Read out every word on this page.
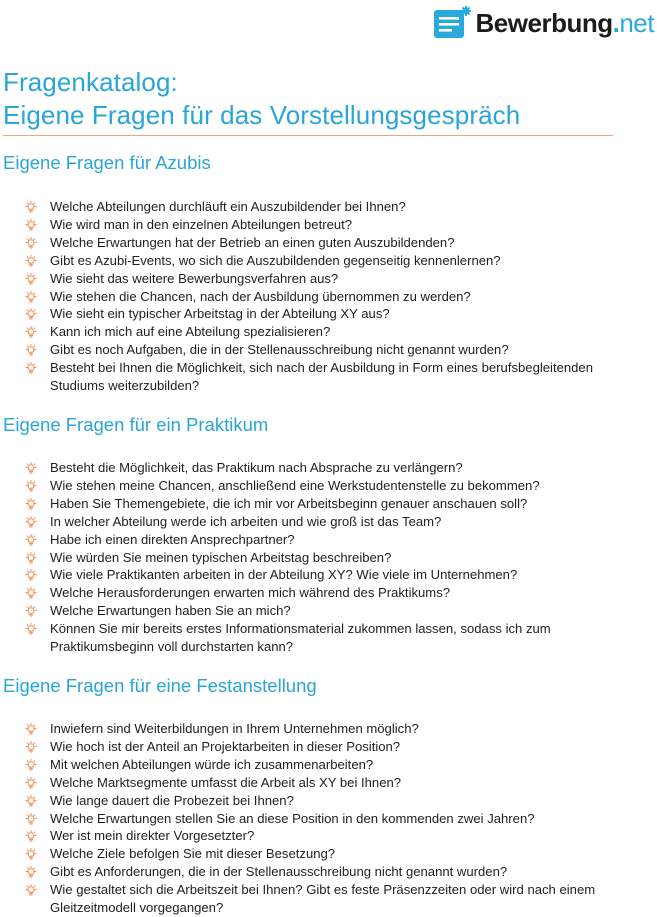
Bewerbung.net
Fragenkatalog:
Eigene Fragen für das Vorstellungsgespräch
Eigene Fragen für Azubis
Welche Abteilungen durchläuft ein Auszubildender bei Ihnen?
Wie wird man in den einzelnen Abteilungen betreut?
Welche Erwartungen hat der Betrieb an einen guten Auszubildenden?
Gibt es Azubi-Events, wo sich die Auszubildenden gegenseitig kennenlernen?
Wie sieht das weitere Bewerbungsverfahren aus?
Wie stehen die Chancen, nach der Ausbildung übernommen zu werden?
Wie sieht ein typischer Arbeitstag in der Abteilung XY aus?
Kann ich mich auf eine Abteilung spezialisieren?
Gibt es noch Aufgaben, die in der Stellenausschreibung nicht genannt wurden?
Besteht bei Ihnen die Möglichkeit, sich nach der Ausbildung in Form eines berufsbegleitenden Studiums weiterzubilden?
Eigene Fragen für ein Praktikum
Besteht die Möglichkeit, das Praktikum nach Absprache zu verlängern?
Wie stehen meine Chancen, anschließend eine Werkstudentenstelle zu bekommen?
Haben Sie Themengebiete, die ich mir vor Arbeitsbeginn genauer anschauen soll?
In welcher Abteilung werde ich arbeiten und wie groß ist das Team?
Habe ich einen direkten Ansprechpartner?
Wie würden Sie meinen typischen Arbeitstag beschreiben?
Wie viele Praktikanten arbeiten in der Abteilung XY? Wie viele im Unternehmen?
Welche Herausforderungen erwarten mich während des Praktikums?
Welche Erwartungen haben Sie an mich?
Können Sie mir bereits erstes Informationsmaterial zukommen lassen, sodass ich zum Praktikumsbeginn voll durchstarten kann?
Eigene Fragen für eine Festanstellung
Inwiefern sind Weiterbildungen in Ihrem Unternehmen möglich?
Wie hoch ist der Anteil an Projektarbeiten in dieser Position?
Mit welchen Abteilungen würde ich zusammenarbeiten?
Welche Marktsegmente umfasst die Arbeit als XY bei Ihnen?
Wie lange dauert die Probezeit bei Ihnen?
Welche Erwartungen stellen Sie an diese Position in den kommenden zwei Jahren?
Wer ist mein direkter Vorgesetzter?
Welche Ziele befolgen Sie mit dieser Besetzung?
Gibt es Anforderungen, die in der Stellenausschreibung nicht genannt wurden?
Wie gestaltet sich die Arbeitszeit bei Ihnen? Gibt es feste Präsenzzeiten oder wird nach einem Gleitzeitmodell vorgegangen?
